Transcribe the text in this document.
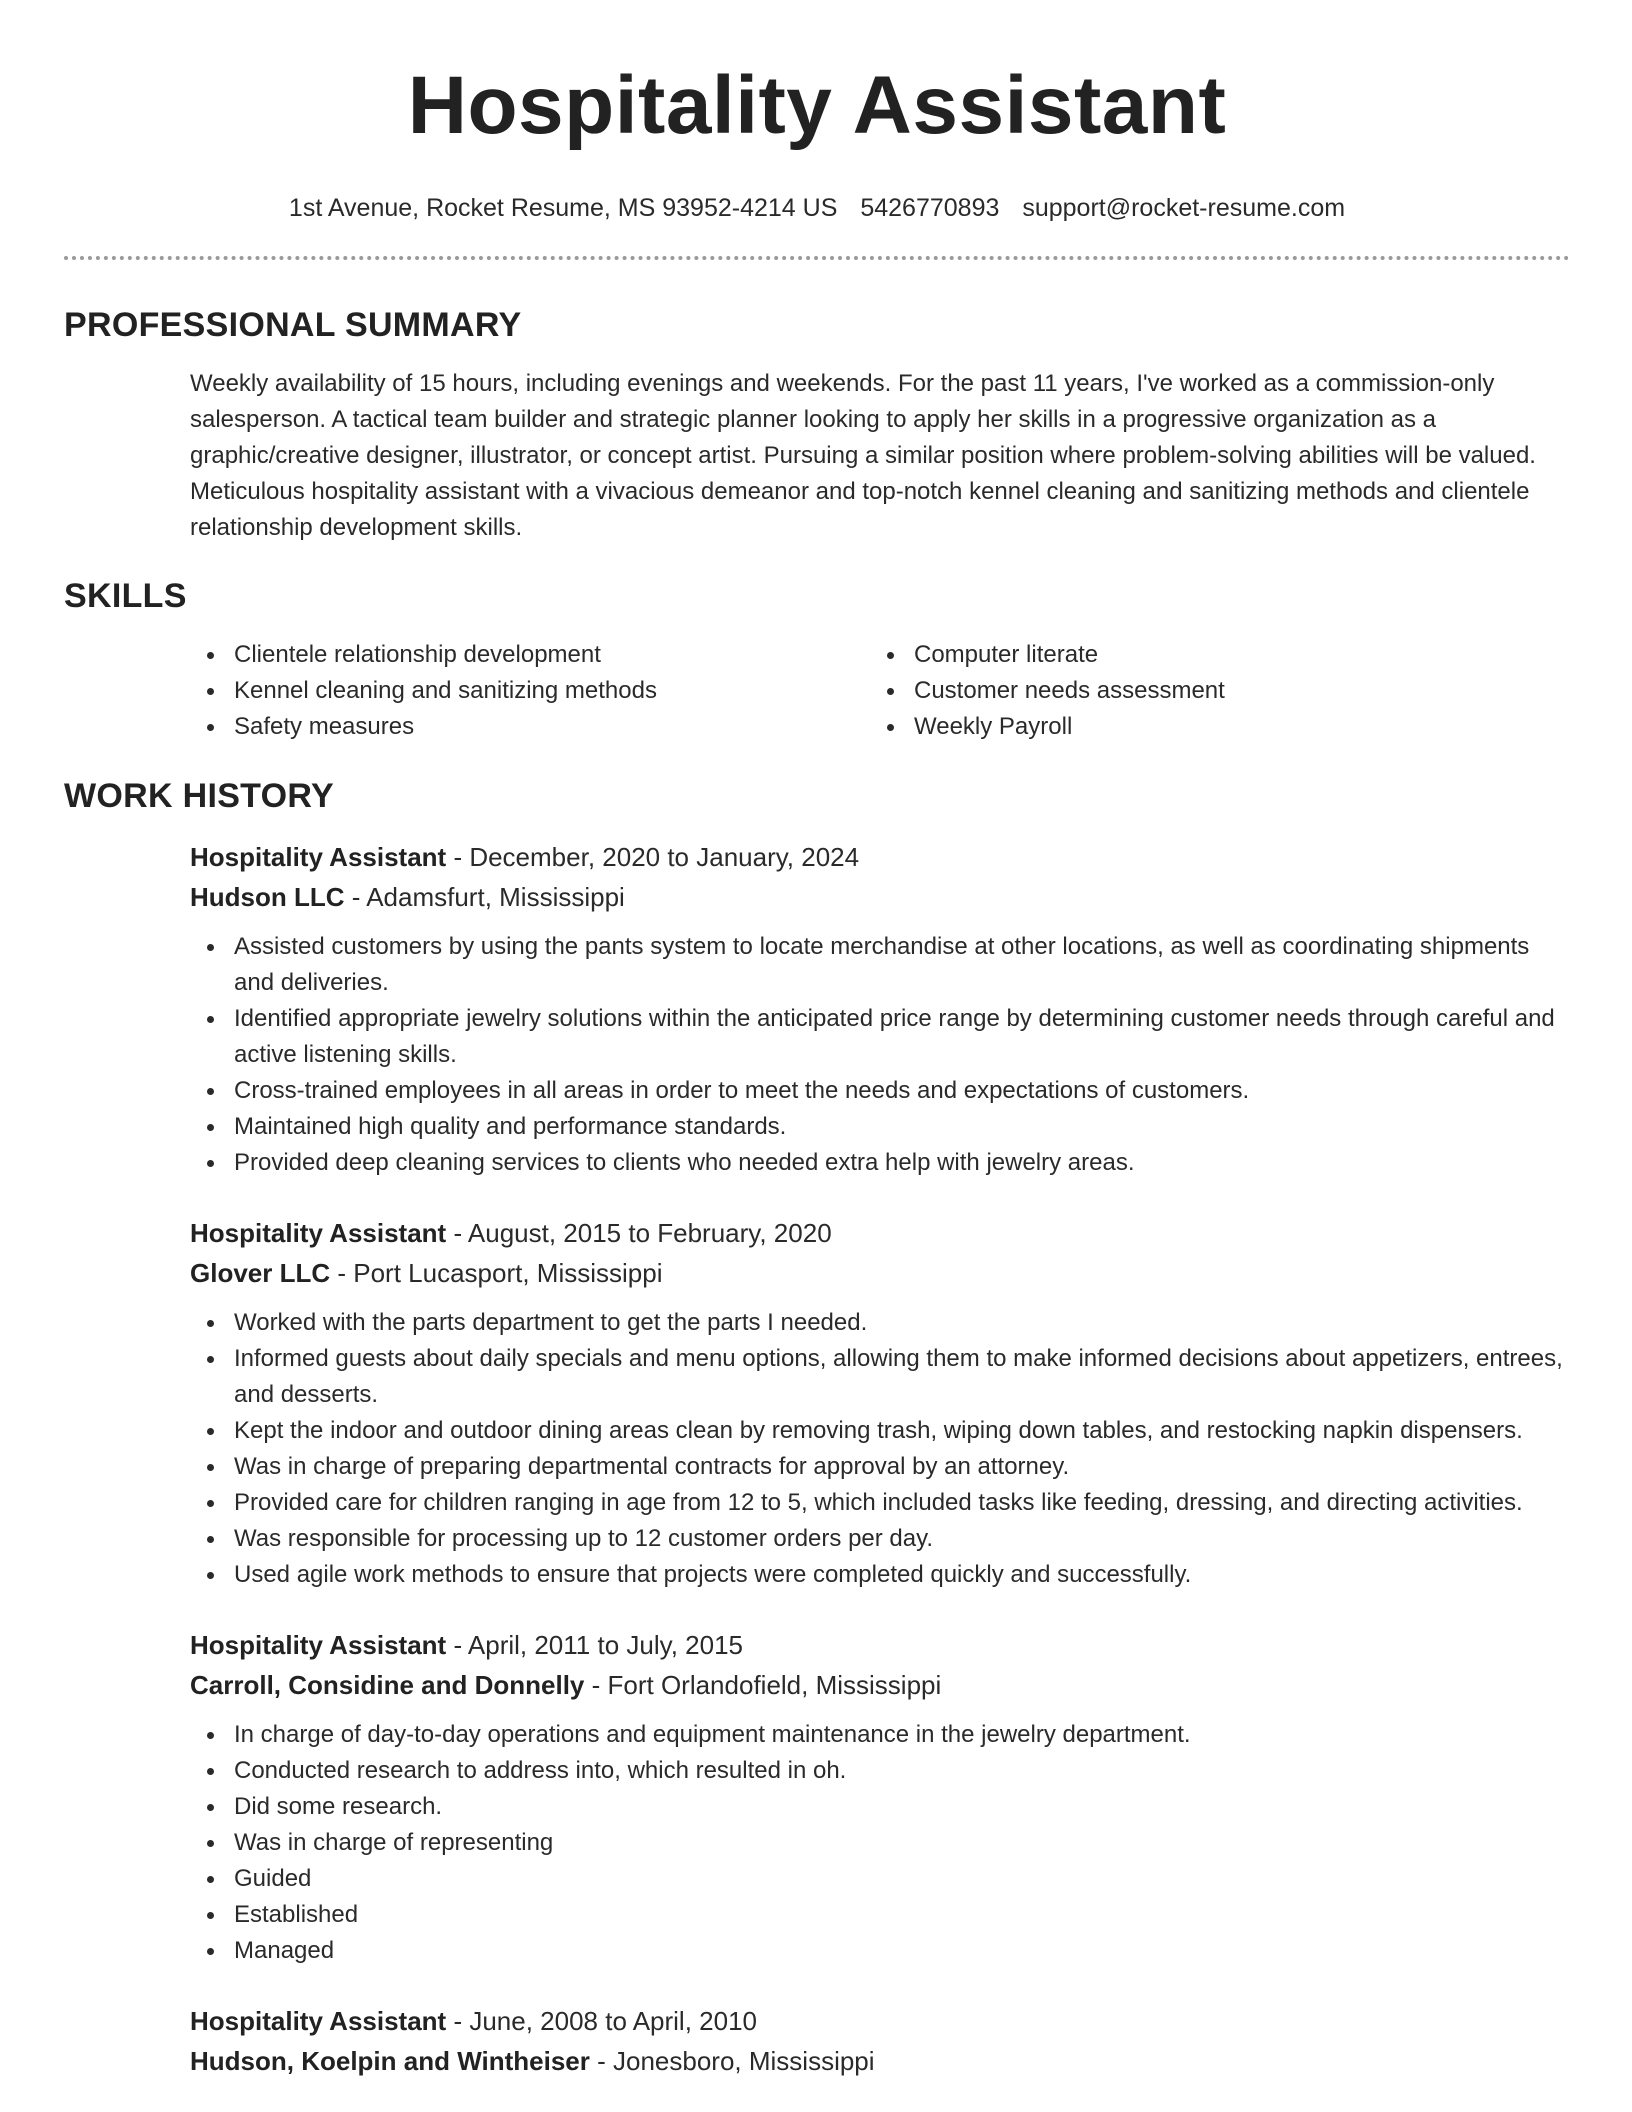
Hospitality Assistant
1st Avenue, Rocket Resume, MS 93952-4214 US 5426770893 support@rocket-resume.com
PROFESSIONAL SUMMARY

Weekly availability of 15 hours, including evenings and weekends. For the past 11 years, I've worked as a commission-only salesperson. A tactical team builder and strategic planner looking to apply her skills in a progressive organization as a graphic/creative designer, illustrator, or concept artist. Pursuing a similar position where problem-solving abilities will be valued. Meticulous hospitality assistant with a vivacious demeanor and top-notch kennel cleaning and sanitizing methods and clientele relationship development skills.

SKILLS
Clientele relationship development
Kennel cleaning and sanitizing methods
Safety measures
Computer literate
Customer needs assessment
Weekly Payroll
WORK HISTORY
Hospitality Assistant - December, 2020 to January, 2024
Hudson LLC - Adamsfurt, Mississippi
Assisted customers by using the pants system to locate merchandise at other locations, as well as coordinating shipments and deliveries.
Identified appropriate jewelry solutions within the anticipated price range by determining customer needs through careful and active listening skills.
Cross-trained employees in all areas in order to meet the needs and expectations of customers.
Maintained high quality and performance standards.
Provided deep cleaning services to clients who needed extra help with jewelry areas.
Hospitality Assistant - August, 2015 to February, 2020
Glover LLC - Port Lucasport, Mississippi
Worked with the parts department to get the parts I needed.
Informed guests about daily specials and menu options, allowing them to make informed decisions about appetizers, entrees, and desserts.
Kept the indoor and outdoor dining areas clean by removing trash, wiping down tables, and restocking napkin dispensers.
Was in charge of preparing departmental contracts for approval by an attorney.
Provided care for children ranging in age from 12 to 5, which included tasks like feeding, dressing, and directing activities.
Was responsible for processing up to 12 customer orders per day.
Used agile work methods to ensure that projects were completed quickly and successfully.
Hospitality Assistant - April, 2011 to July, 2015
Carroll, Considine and Donnelly - Fort Orlandofield, Mississippi
In charge of day-to-day operations and equipment maintenance in the jewelry department.
Conducted research to address into, which resulted in oh.
Did some research.
Was in charge of representing
Guided
Established
Managed
Hospitality Assistant - June, 2008 to April, 2010
Hudson, Koelpin and Wintheiser - Jonesboro, Mississippi
